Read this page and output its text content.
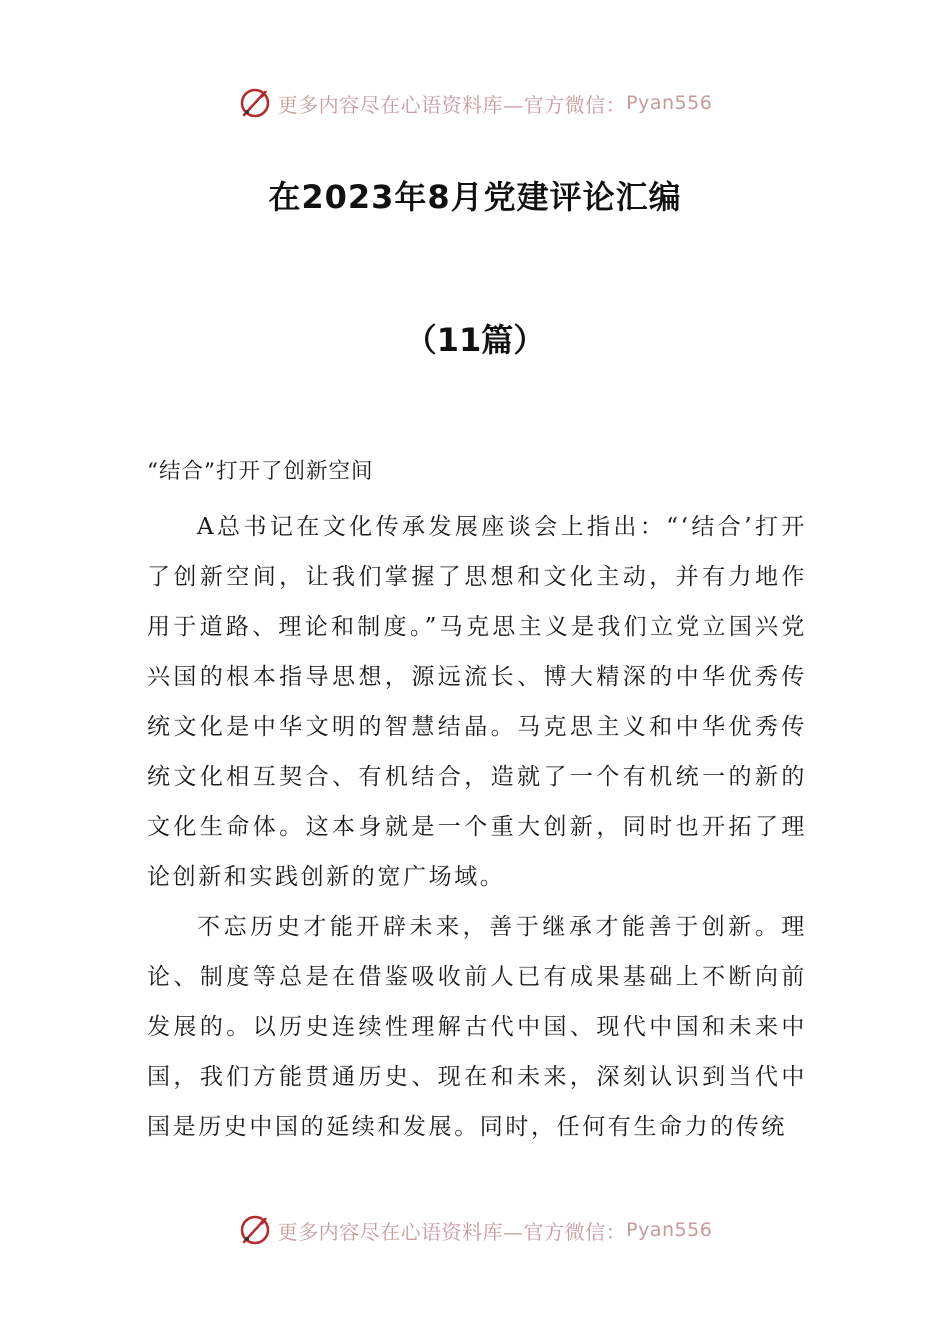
更多内容尽在心语资料库—官方微信： Pyan556
在2023年8月党建评论汇编
（11篇）
“结合”打开了创新空间

A总书记在文化传承发展座谈会上指出：“‘结合’打开了创新空间，让我们掌握了思想和文化主动，并有力地作用于道路、理论和制度。”马克思主义是我们立党立国兴党兴国的根本指导思想，源远流长、博大精深的中华优秀传统文化是中华文明的智慧结晶。马克思主义和中华优秀传统文化相互契合、有机结合，造就了一个有机统一的新的文化生命体。这本身就是一个重大创新，同时也开拓了理论创新和实践创新的宽广场域。

不忘历史才能开辟未来，善于继承才能善于创新。理论、制度等总是在借鉴吸收前人已有成果基础上不断向前发展的。以历史连续性理解古代中国、现代中国和未来中国，我们方能贯通历史、现在和未来，深刻认识到当代中国是历史中国的延续和发展。同时，任何有生命力的传统

更多内容尽在心语资料库—官方微信： Pyan556
